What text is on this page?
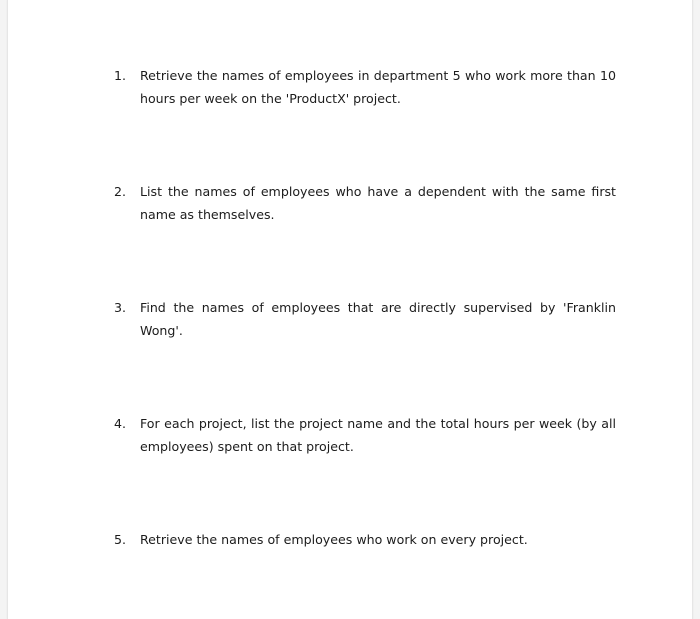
1.	Retrieve the names of employees in department 5 who work more than 10 hours per week on the 'ProductX' project.
2.	List the names of employees who have a dependent with the same first name as themselves.
3.	Find the names of employees that are directly supervised by 'Franklin Wong'.
4.	For each project, list the project name and the total hours per week (by all employees) spent on that project.
5.	Retrieve the names of employees who work on every project.
